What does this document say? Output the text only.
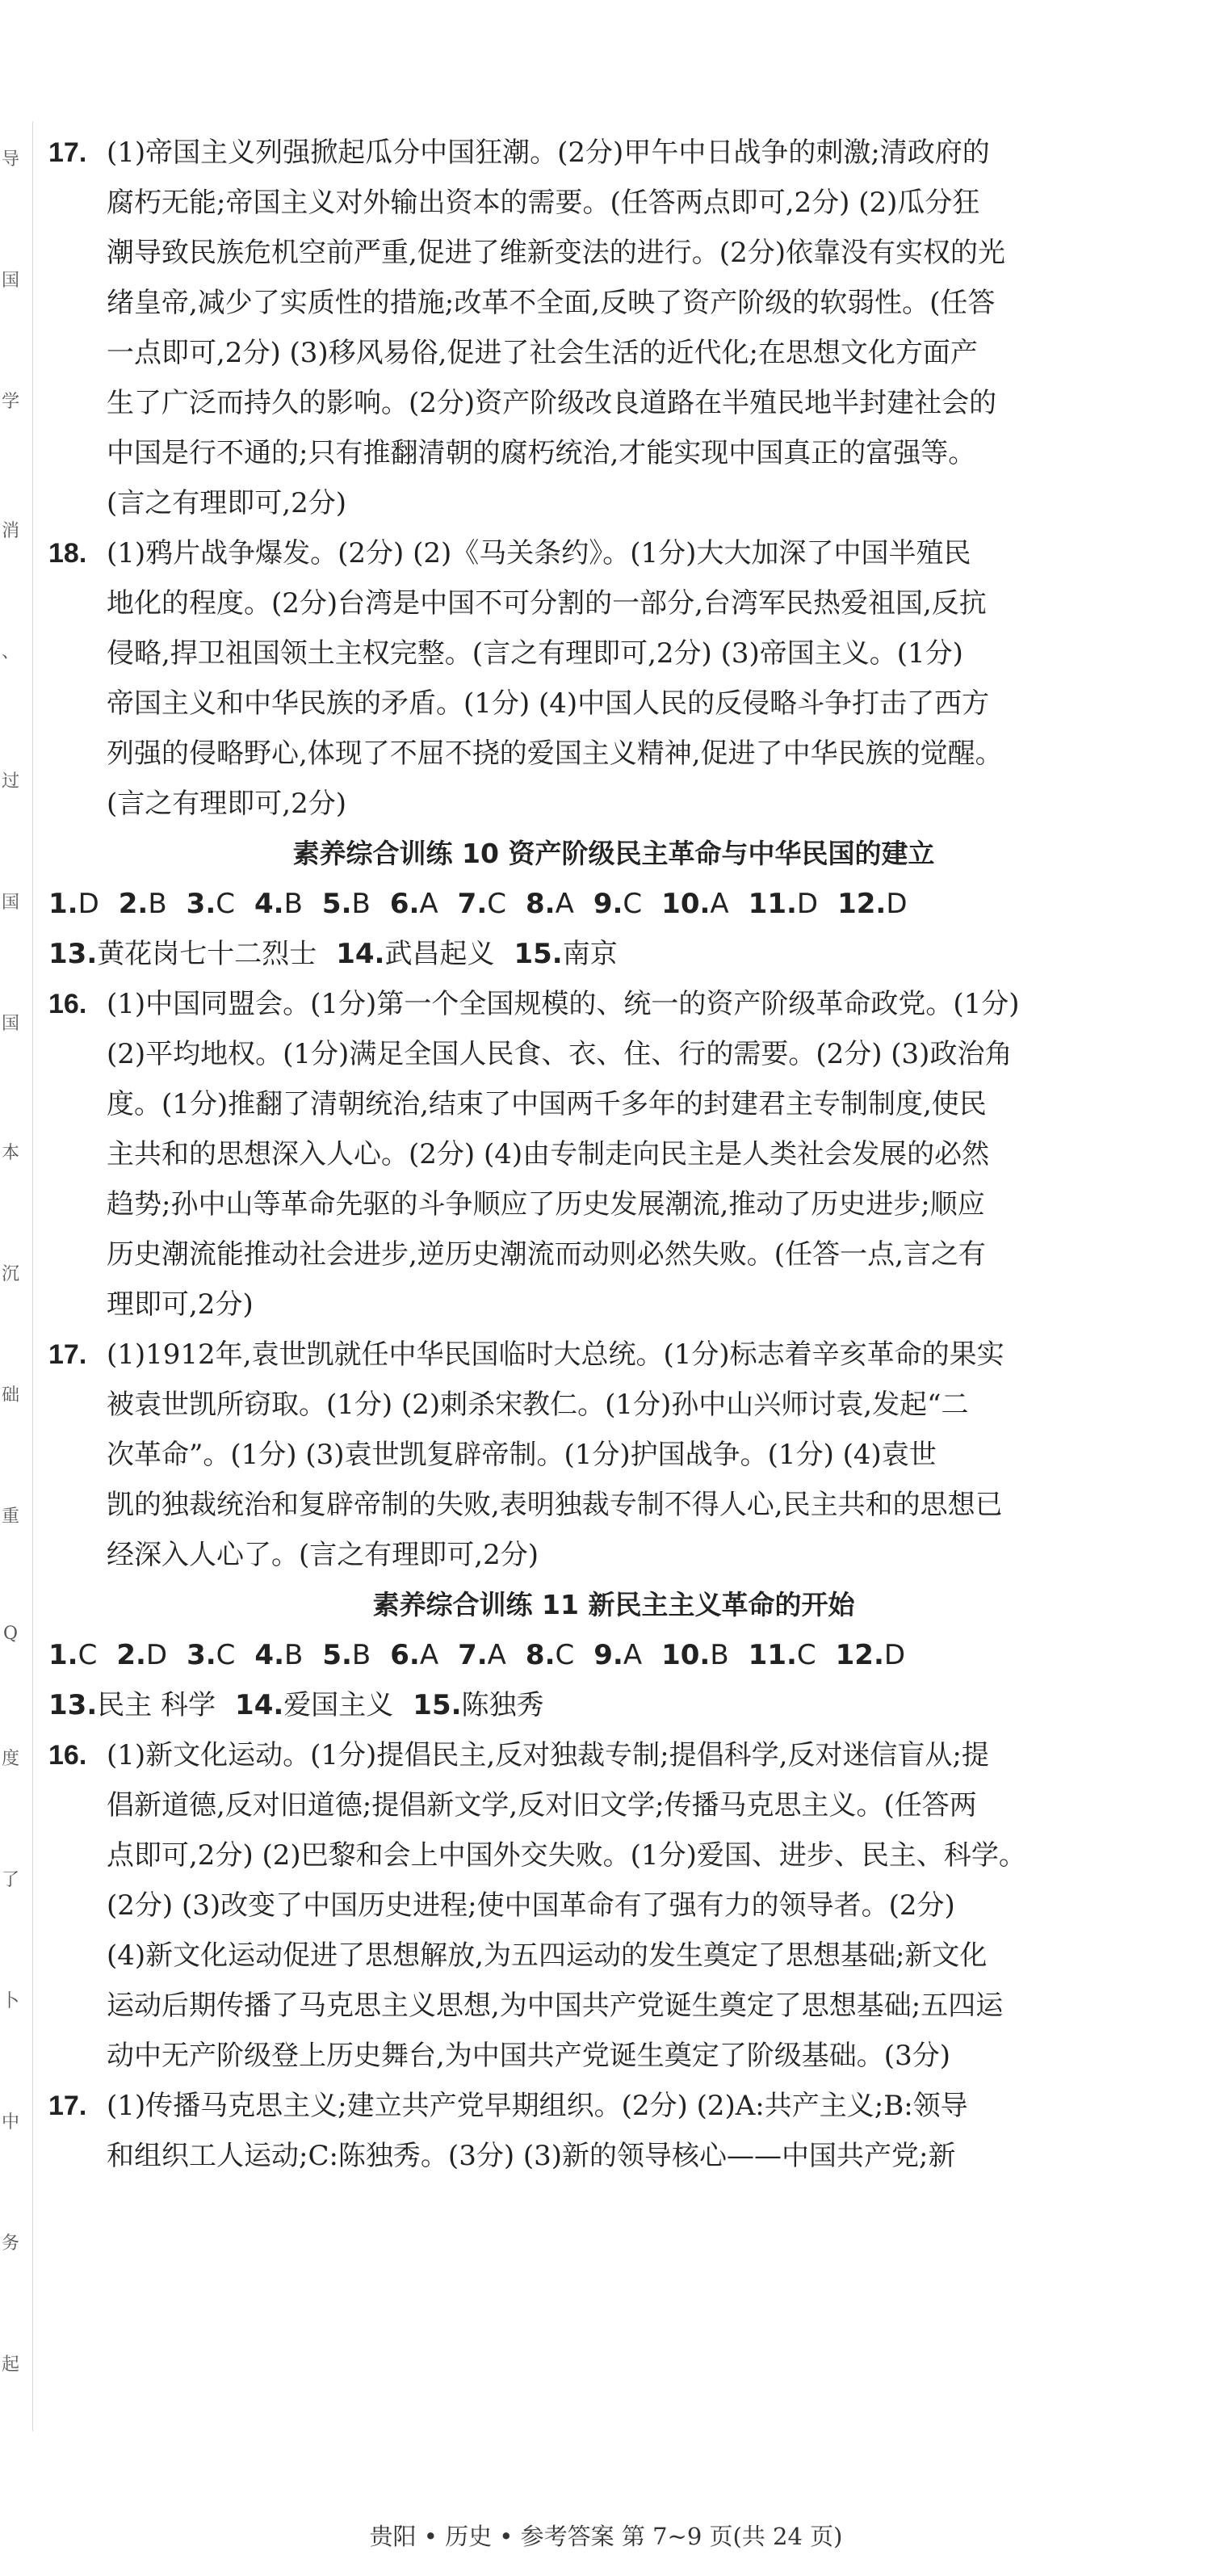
导
国
学
消
、
过
国
国
本
沉
础
重
Q
度
了
卜
中
务
起
17. (1)帝国主义列强掀起瓜分中国狂潮。(2分)甲午中日战争的刺激;清政府的
腐朽无能;帝国主义对外输出资本的需要。(任答两点即可,2分) (2)瓜分狂
潮导致民族危机空前严重,促进了维新变法的进行。(2分)依靠没有实权的光
绪皇帝,减少了实质性的措施;改革不全面,反映了资产阶级的软弱性。(任答
一点即可,2分) (3)移风易俗,促进了社会生活的近代化;在思想文化方面产
生了广泛而持久的影响。(2分)资产阶级改良道路在半殖民地半封建社会的
中国是行不通的;只有推翻清朝的腐朽统治,才能实现中国真正的富强等。
(言之有理即可,2分)
18. (1)鸦片战争爆发。(2分) (2)《马关条约》。(1分)大大加深了中国半殖民
地化的程度。(2分)台湾是中国不可分割的一部分,台湾军民热爱祖国,反抗
侵略,捍卫祖国领土主权完整。(言之有理即可,2分) (3)帝国主义。(1分)
帝国主义和中华民族的矛盾。(1分) (4)中国人民的反侵略斗争打击了西方
列强的侵略野心,体现了不屈不挠的爱国主义精神,促进了中华民族的觉醒。
(言之有理即可,2分)
素养综合训练 10 资产阶级民主革命与中华民国的建立
1.D 2.B 3.C 4.B 5.B 6.A 7.C 8.A 9.C 10.A 11.D 12.D
13.黄花岗七十二烈士 14.武昌起义 15.南京
16. (1)中国同盟会。(1分)第一个全国规模的、统一的资产阶级革命政党。(1分)
(2)平均地权。(1分)满足全国人民食、衣、住、行的需要。(2分) (3)政治角
度。(1分)推翻了清朝统治,结束了中国两千多年的封建君主专制制度,使民
主共和的思想深入人心。(2分) (4)由专制走向民主是人类社会发展的必然
趋势;孙中山等革命先驱的斗争顺应了历史发展潮流,推动了历史进步;顺应
历史潮流能推动社会进步,逆历史潮流而动则必然失败。(任答一点,言之有
理即可,2分)
17. (1)1912年,袁世凯就任中华民国临时大总统。(1分)标志着辛亥革命的果实
被袁世凯所窃取。(1分) (2)刺杀宋教仁。(1分)孙中山兴师讨袁,发起“二
次革命”。(1分) (3)袁世凯复辟帝制。(1分)护国战争。(1分) (4)袁世
凯的独裁统治和复辟帝制的失败,表明独裁专制不得人心,民主共和的思想已
经深入人心了。(言之有理即可,2分)
素养综合训练 11 新民主主义革命的开始
1.C 2.D 3.C 4.B 5.B 6.A 7.A 8.C 9.A 10.B 11.C 12.D
13.民主 科学 14.爱国主义 15.陈独秀
16. (1)新文化运动。(1分)提倡民主,反对独裁专制;提倡科学,反对迷信盲从;提
倡新道德,反对旧道德;提倡新文学,反对旧文学;传播马克思主义。(任答两
点即可,2分) (2)巴黎和会上中国外交失败。(1分)爱国、进步、民主、科学。
(2分) (3)改变了中国历史进程;使中国革命有了强有力的领导者。(2分)
(4)新文化运动促进了思想解放,为五四运动的发生奠定了思想基础;新文化
运动后期传播了马克思主义思想,为中国共产党诞生奠定了思想基础;五四运
动中无产阶级登上历史舞台,为中国共产党诞生奠定了阶级基础。(3分)
17. (1)传播马克思主义;建立共产党早期组织。(2分) (2)A:共产主义;B:领导
和组织工人运动;C:陈独秀。(3分) (3)新的领导核心——中国共产党;新
贵阳 • 历史 • 参考答案 第 7~9 页(共 24 页)
